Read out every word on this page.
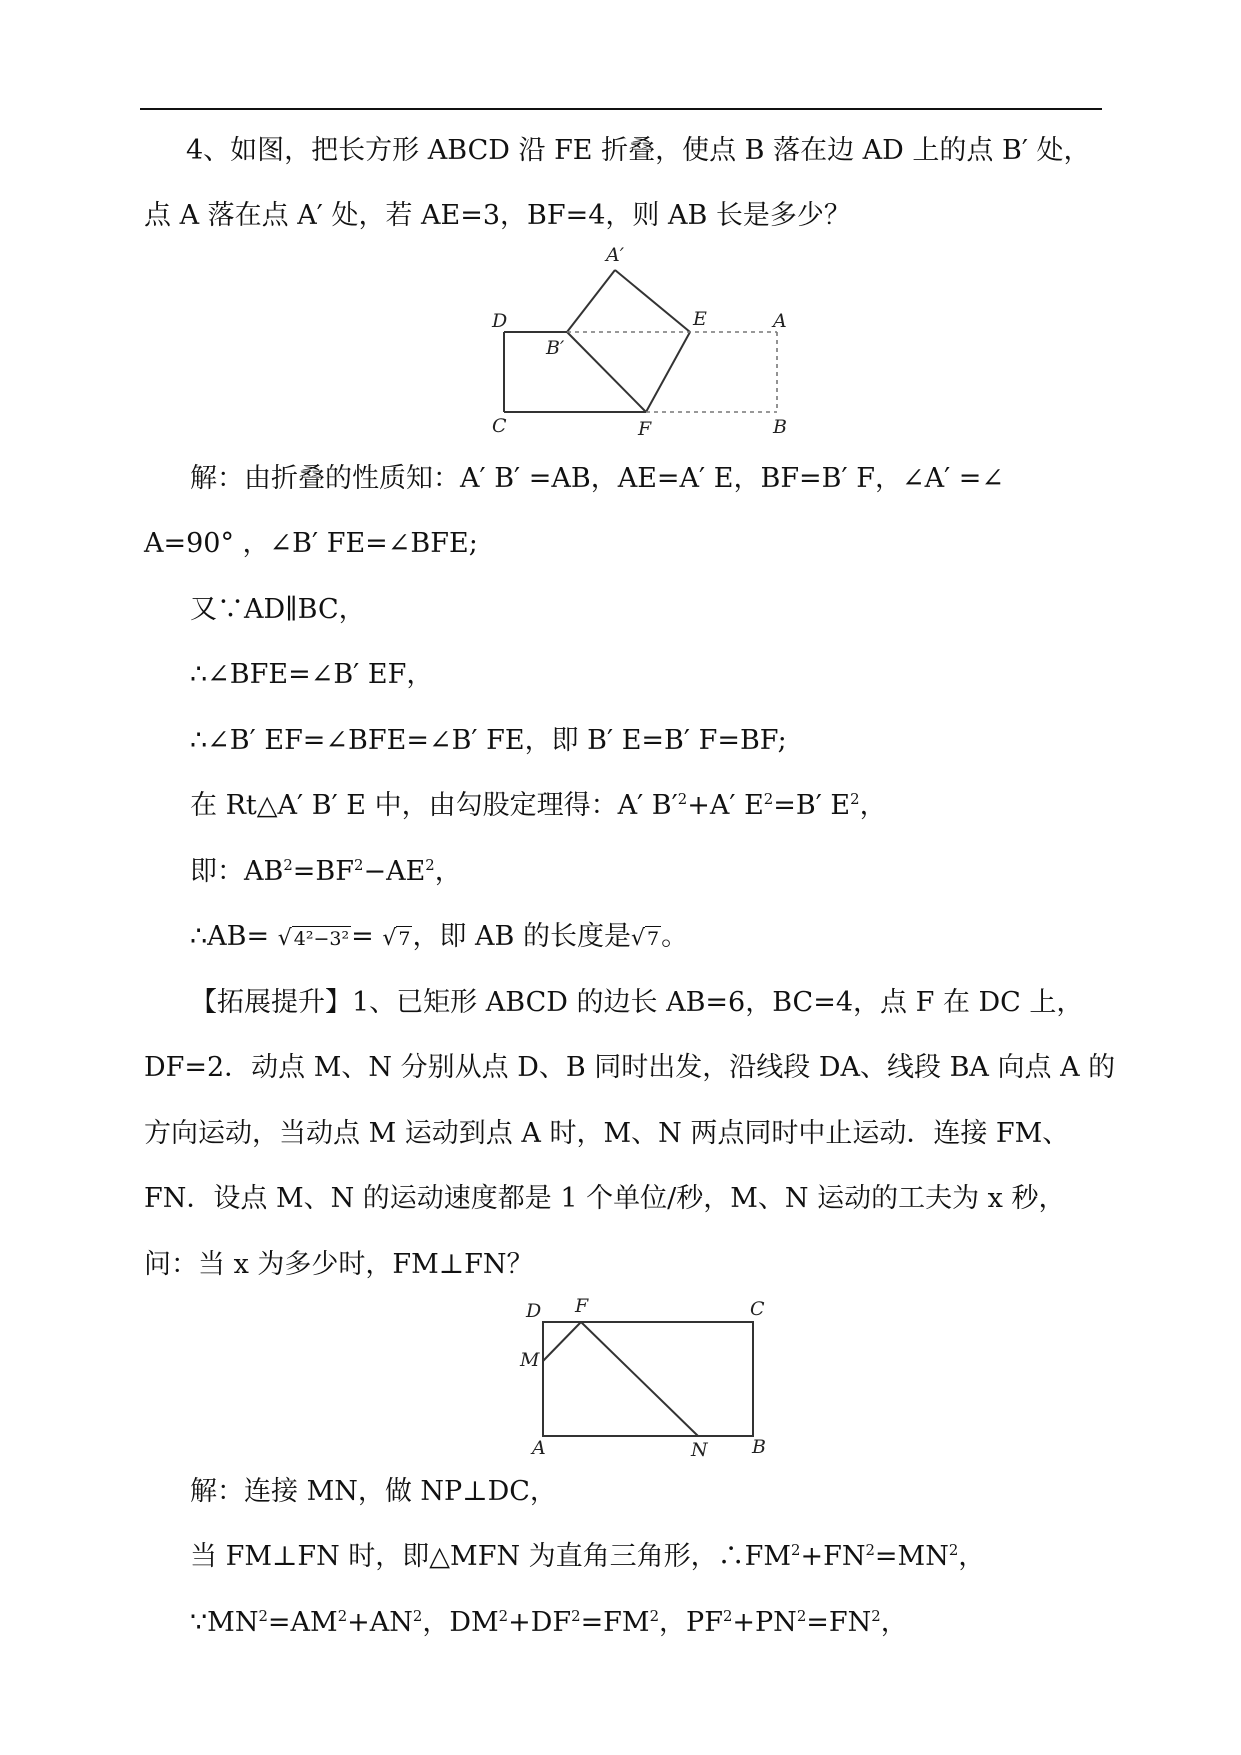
4、如图，把长方形 ABCD 沿 FE 折叠，使点 B 落在边 AD 上的点 B′ 处，
点 A 落在点 A′ 处，若 AE=3，BF=4，则 AB 长是多少？
A′
D	E	A
B′
C	F	B
解：由折叠的性质知：A′ B′ =AB，AE=A′ E，BF=B′ F，∠A′ =∠
A=90° ，∠B′ FE=∠BFE;
又∵AD∥BC，
∴∠BFE=∠B′ EF，
∴∠B′ EF=∠BFE=∠B′ FE，即 B′ E=B′ F=BF;
在 Rt△A′ B′ E 中，由勾股定理得：A′ $B'^2+A'$ $E^2=B'$ $E^2$，
即：$AB^2=BF^2-AE^2$，
∴AB= √ 4²−3²= √ 7，即 AB 的长度是√ 7。
【拓展提升】1、已矩形 ABCD 的边长 AB=6，BC=4，点 F 在 DC 上，
DF=2．动点 M、N 分别从点 D、B 同时出发，沿线段 DA、线段 BA 向点 A 的
方向运动，当动点 M 运动到点 A 时，M、N 两点同时中止运动．连接 FM、
FN．设点 M、N 的运动速度都是 1 个单位/秒，M、N 运动的工夫为 x 秒，
问：当 x 为多少时，FM⊥FN？
D F	C
M
A	N B
解：连接 MN，做 NP⊥DC，
当 FM⊥FN 时，即△MFN 为直角三角形，$\therefore FM^2+FN^2=MN^2$，
$\because MN^2=AM^2+AN^2$，$DM^2+DF^2=FM^2$，$PF^2+PN^2=FN^2$，
